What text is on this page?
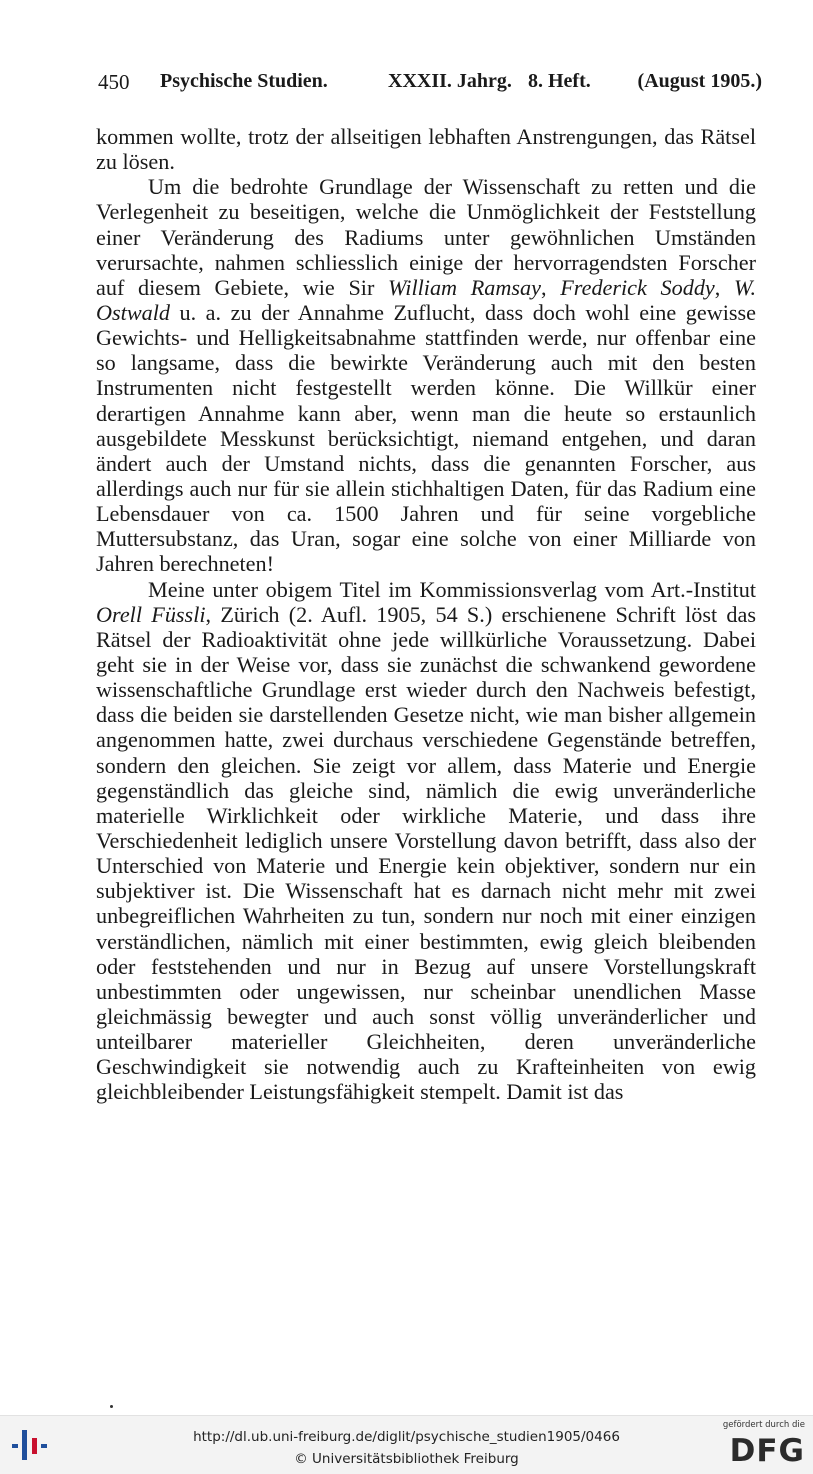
450 Psychische Studien.	XXXII. Jahrg. 8. Heft. (August 1905.)

kommen wollte, trotz der allseitigen lebhaften Anstrengungen, das Rätsel zu lösen.

Um die bedrohte Grundlage der Wissenschaft zu retten und die Verlegenheit zu beseitigen, welche die Unmöglichkeit der Feststellung einer Veränderung des Radiums unter gewöhnlichen Umständen verursachte, nahmen schliesslich einige der hervorragendsten Forscher auf diesem Gebiete, wie Sir William Ramsay, Frederick Soddy, W. Ostwald u. a. zu der Annahme Zuflucht, dass doch wohl eine gewisse Gewichts- und Helligkeitsabnahme stattfinden werde, nur offenbar eine so langsame, dass die bewirkte Veränderung auch mit den besten Instrumenten nicht festgestellt werden könne. Die Willkür einer derartigen Annahme kann aber, wenn man die heute so erstaunlich ausgebildete Messkunst berücksichtigt, niemand entgehen, und daran ändert auch der Umstand nichts, dass die genannten Forscher, aus allerdings auch nur für sie allein stichhaltigen Daten, für das Radium eine Lebensdauer von ca. 1500 Jahren und für seine vorgebliche Muttersubstanz, das Uran, sogar eine solche von einer Milliarde von Jahren berechneten!

Meine unter obigem Titel im Kommissionsverlag vom Art.-Institut Orell Füssli, Zürich (2. Aufl. 1905, 54 S.) erschienene Schrift löst das Rätsel der Radioaktivität ohne jede willkürliche Voraussetzung. Dabei geht sie in der Weise vor, dass sie zunächst die schwankend gewordene wissenschaftliche Grundlage erst wieder durch den Nachweis befestigt, dass die beiden sie darstellenden Gesetze nicht, wie man bisher allgemein angenommen hatte, zwei durchaus verschiedene Gegenstände betreffen, sondern den gleichen. Sie zeigt vor allem, dass Materie und Energie gegenständlich das gleiche sind, nämlich die ewig unveränderliche materielle Wirklichkeit oder wirkliche Materie, und dass ihre Verschiedenheit lediglich unsere Vorstellung davon betrifft, dass also der Unterschied von Materie und Energie kein objektiver, sondern nur ein subjektiver ist. Die Wissenschaft hat es darnach nicht mehr mit zwei unbegreiflichen Wahrheiten zu tun, sondern nur noch mit einer einzigen verständlichen, nämlich mit einer bestimmten, ewig gleich bleibenden oder feststehenden und nur in Bezug auf unsere Vorstellungskraft unbestimmten oder ungewissen, nur scheinbar unendlichen Masse gleichmässig bewegter und auch sonst völlig unveränderlicher und unteilbarer materieller Gleichheiten, deren unveränderliche Geschwindigkeit sie notwendig auch zu Krafteinheiten von ewig gleichbleibender Leistungsfähigkeit stempelt. Damit ist das

http://dl.ub.uni-freiburg.de/diglit/psychische_studien1905/0466
© Universitätsbibliothek Freiburg
gefördert durch die
DFG
